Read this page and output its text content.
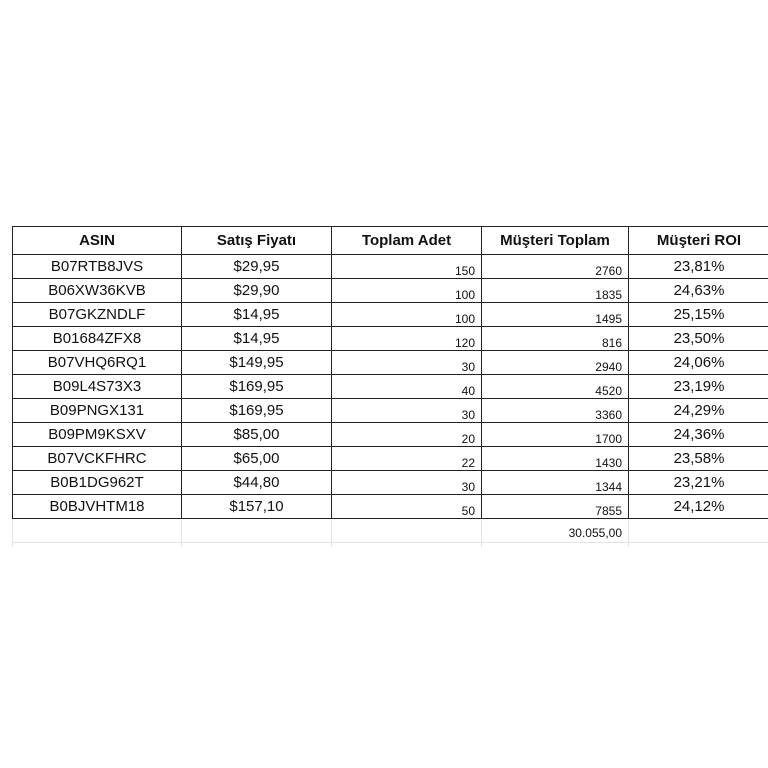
ASIN	Satış Fiyatı	Toplam Adet	Müşteri Toplam	Müşteri ROI
B07RTB8JVS	$29,95	150	2760	23,81%
B06XW36KVB	$29,90	100	1835	24,63%
B07GKZNDLF	$14,95	100	1495	25,15%
B01684ZFX8	$14,95	120	816	23,50%
B07VHQ6RQ1	$149,95	30	2940	24,06%
B09L4S73X3	$169,95	40	4520	23,19%
B09PNGX131	$169,95	30	3360	24,29%
B09PM9KSXV	$85,00	20	1700	24,36%
B07VCKFHRC	$65,00	22	1430	23,58%
B0B1DG962T	$44,80	30	1344	23,21%
B0BJVHTM18	$157,10	50	7855	24,12%
			30.055,00	
